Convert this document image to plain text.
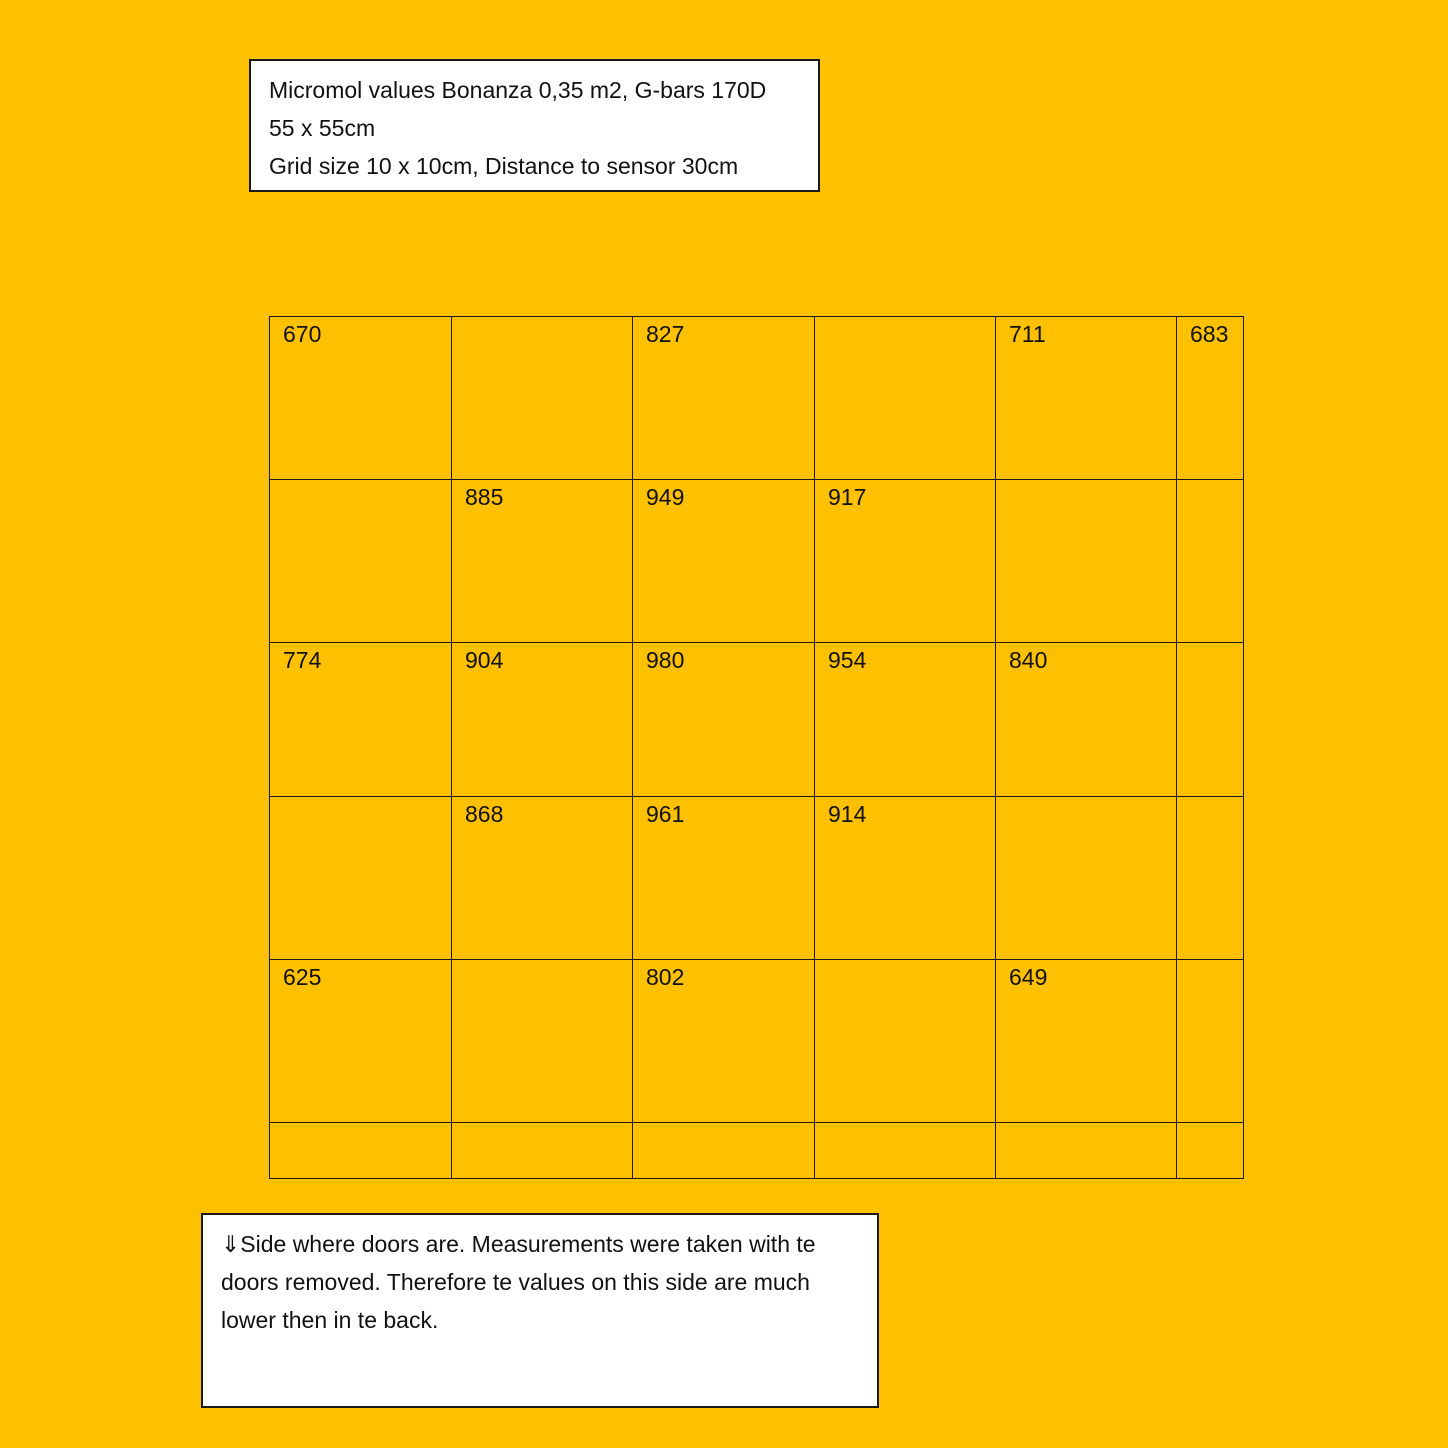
Micromol values Bonanza 0,35 m2, G-bars 170D
55 x 55cm
Grid size 10 x 10cm, Distance to sensor 30cm
670		827		711	683

	885	949	917		

774	904	980	954	840	

	868	961	914		

625		802		649	

⇓Side where doors are. Measurements were taken with te
doors removed. Therefore te values on this side are much
lower then in te back.
